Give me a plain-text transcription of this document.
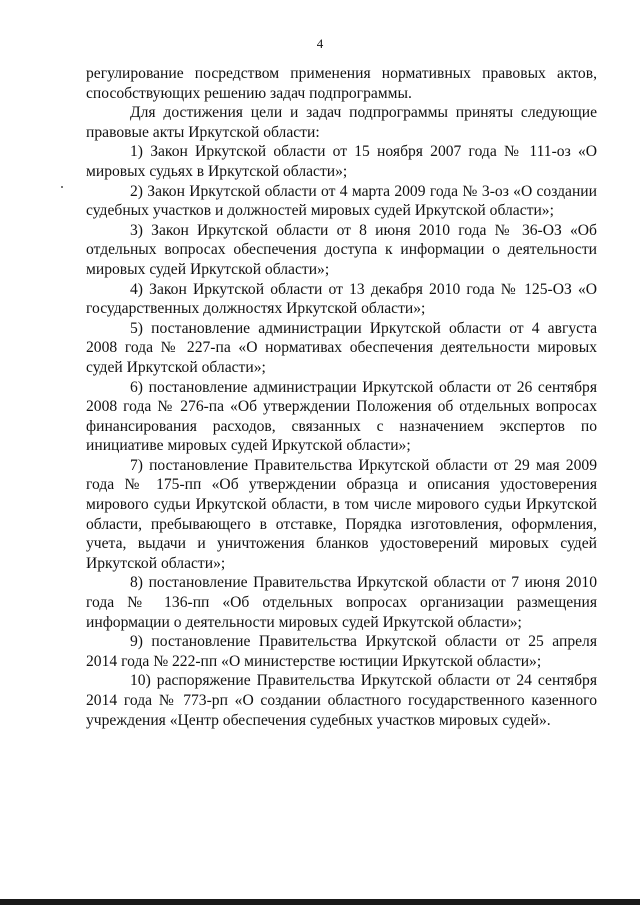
4

регулирование посредством применения нормативных правовых актов, способствующих решению задач подпрограммы.

Для достижения цели и задач подпрограммы приняты следующие правовые акты Иркутской области:

1) Закон Иркутской области от 15 ноября 2007 года № 111-оз «О мировых судьях в Иркутской области»;

2) Закон Иркутской области от 4 марта 2009 года № 3-оз «О создании судебных участков и должностей мировых судей Иркутской области»;

3) Закон Иркутской области от 8 июня 2010 года № 36-ОЗ «Об отдельных вопросах обеспечения доступа к информации о деятельности мировых судей Иркутской области»;

4) Закон Иркутской области от 13 декабря 2010 года № 125-ОЗ «О государственных должностях Иркутской области»;

5) постановление администрации Иркутской области от 4 августа 2008 года № 227-па «О нормативах обеспечения деятельности мировых судей Иркутской области»;

6) постановление администрации Иркутской области от 26 сентября 2008 года № 276-па «Об утверждении Положения об отдельных вопросах финансирования расходов, связанных с назначением экспертов по инициативе мировых судей Иркутской области»;

7) постановление Правительства Иркутской области от 29 мая 2009 года № 175-пп «Об утверждении образца и описания удостоверения мирового судьи Иркутской области, в том числе мирового судьи Иркутской области, пребывающего в отставке, Порядка изготовления, оформления, учета, выдачи и уничтожения бланков удостоверений мировых судей Иркутской области»;

8) постановление Правительства Иркутской области от 7 июня 2010 года № 136-пп «Об отдельных вопросах организации размещения информации о деятельности мировых судей Иркутской области»;

9) постановление Правительства Иркутской области от 25 апреля 2014 года № 222-пп «О министерстве юстиции Иркутской области»;

10) распоряжение Правительства Иркутской области от 24 сентября 2014 года № 773-рп «О создании областного государственного казенного учреждения «Центр обеспечения судебных участков мировых судей».
